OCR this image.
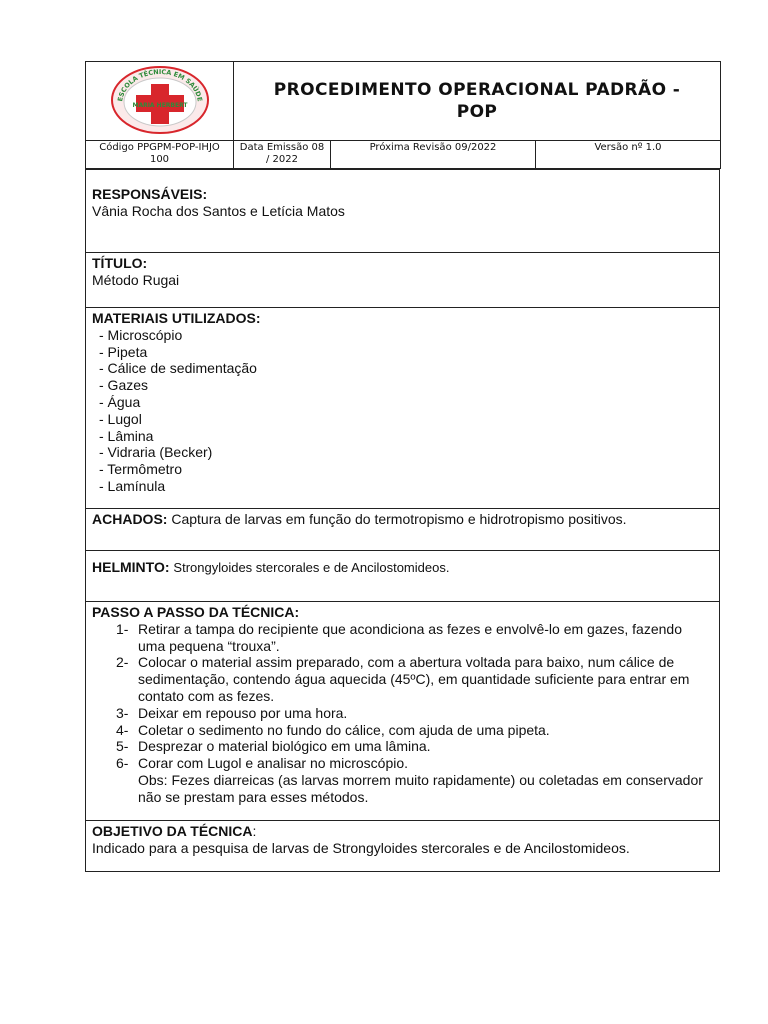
ESCOLA TÉCNICA EM SAÚDE
MARIA HERBERT	PROCEDIMENTO OPERACIONAL PADRÃO - POP		
Código PPGPM-POP-IHJO 100	Data Emissão 08 / 2022	Próxima Revisão 09/2022	Versão nº 1.0
RESPONSÁVEIS:
Vânia Rocha dos Santos e Letícia Matos

TÍTULO:
Método Rugai

MATERIAIS UTILIZADOS:
- Microscópio
- Pipeta
- Cálice de sedimentação
- Gazes
- Água
- Lugol
- Lâmina
- Vidraria (Becker)
- Termômetro
- Lamínula

ACHADOS: Captura de larvas em função do termotropismo e hidrotropismo positivos.
HELMINTO: Strongyloides stercorales e de Ancilostomideos.

PASSO A PASSO DA TÉCNICA:
1- Retirar a tampa do recipiente que acondiciona as fezes e envolvê-lo em gazes, fazendo uma pequena “trouxa”.
2- Colocar o material assim preparado, com a abertura voltada para baixo, num cálice de sedimentação, contendo água aquecida (45ºC), em quantidade suficiente para entrar em contato com as fezes.
3- Deixar em repouso por uma hora.
4- Coletar o sedimento no fundo do cálice, com ajuda de uma pipeta.
5- Desprezar o material biológico em uma lâmina.
6- Corar com Lugol e analisar no microscópio.
Obs: Fezes diarreicas (as larvas morrem muito rapidamente) ou coletadas em conservador não se prestam para esses métodos.

OBJETIVO DA TÉCNICA:
Indicado para a pesquisa de larvas de Strongyloides stercorales e de Ancilostomideos.
